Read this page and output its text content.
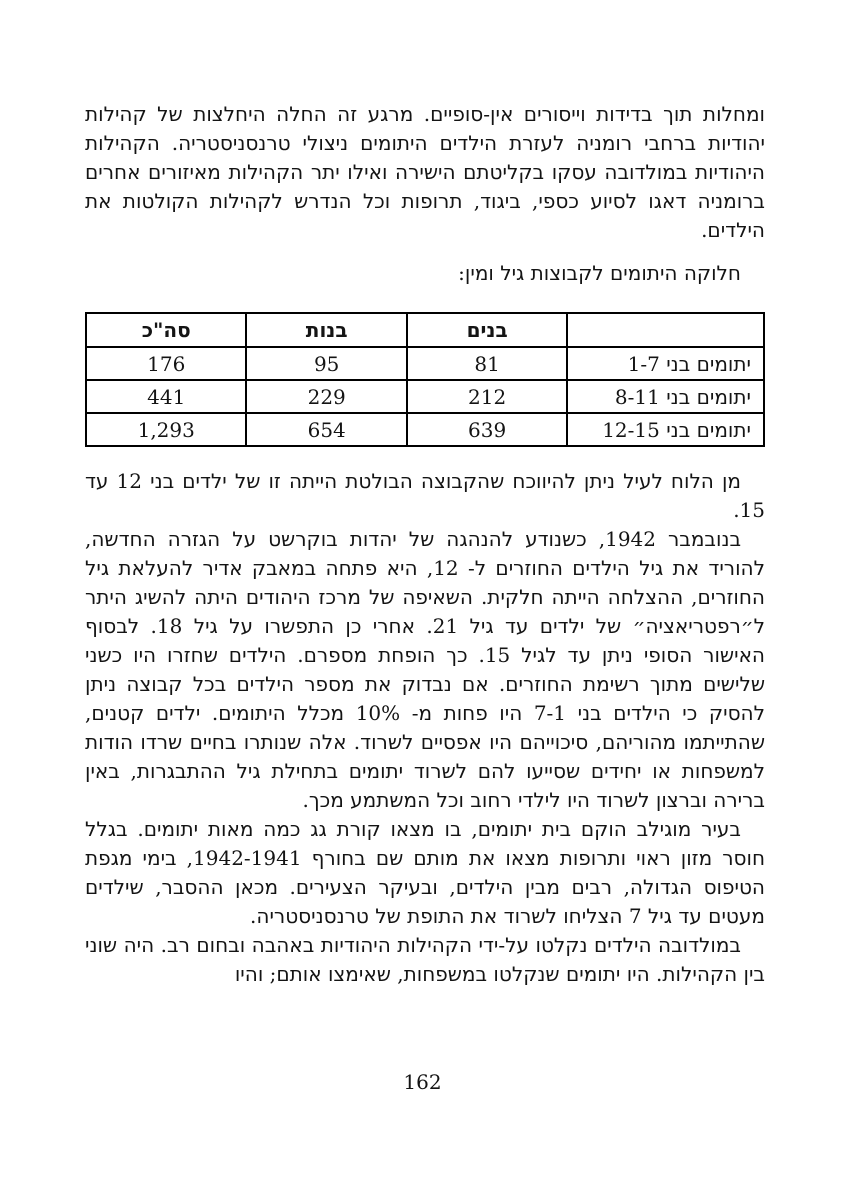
ומחלות תוך בדידות וייסורים אין-סופיים. מרגע זה החלה היחלצות של קהילות יהודיות ברחבי רומניה לעזרת הילדים היתומים ניצולי טרנסניסטריה. הקהילות היהודיות במולדובה עסקו בקליטתם הישירה ואילו יתר הקהילות מאיזורים אחרים ברומניה דאגו לסיוע כספי, ביגוד, תרופות וכל הנדרש לקהילות הקולטות את הילדים.

חלוקה היתומים לקבוצות גיל ומין:

	בנים	בנות	סה"כ
יתומים בני 1-7	81	95	176
יתומים בני 8-11	212	229	441
יתומים בני 12-15	639	654	1,293

מן הלוח לעיל ניתן להיווכח שהקבוצה הבולטת הייתה זו של ילדים בני 12 עד 15.

בנובמבר 1942, כשנודע להנהגה של יהדות בוקרשט על הגזרה החדשה, להוריד את גיל הילדים החוזרים ל- 12, היא פתחה במאבק אדיר להעלאת גיל החוזרים, ההצלחה הייתה חלקית. השאיפה של מרכז היהודים היתה להשיג היתר ל״רפטריאציה״ של ילדים עד גיל 21. אחרי כן התפשרו על גיל 18. לבסוף האישור הסופי ניתן עד לגיל 15. כך הופחת מספרם. הילדים שחזרו היו כשני שלישים מתוך רשימת החוזרים. אם נבדוק את מספר הילדים בכל קבוצה ניתן להסיק כי הילדים בני 7-1 היו פחות מ- 10% מכלל היתומים. ילדים קטנים, שהתייתמו מהוריהם, סיכוייהם היו אפסיים לשרוד. אלה שנותרו בחיים שרדו הודות למשפחות או יחידים שסייעו להם לשרוד יתומים בתחילת גיל ההתבגרות, באין ברירה וברצון לשרוד היו לילדי רחוב וכל המשתמע מכך.

בעיר מוגילב הוקם בית יתומים, בו מצאו קורת גג כמה מאות יתומים. בגלל חוסר מזון ראוי ותרופות מצאו את מותם שם בחורף 1942-1941, בימי מגפת הטיפוס הגדולה, רבים מבין הילדים, ובעיקר הצעירים. מכאן ההסבר, שילדים מעטים עד גיל 7 הצליחו לשרוד את התופת של טרנסניסטריה.

במולדובה הילדים נקלטו על-ידי הקהילות היהודיות באהבה ובחום רב. היה שוני בין הקהילות. היו יתומים שנקלטו במשפחות, שאימצו אותם; והיו

162
